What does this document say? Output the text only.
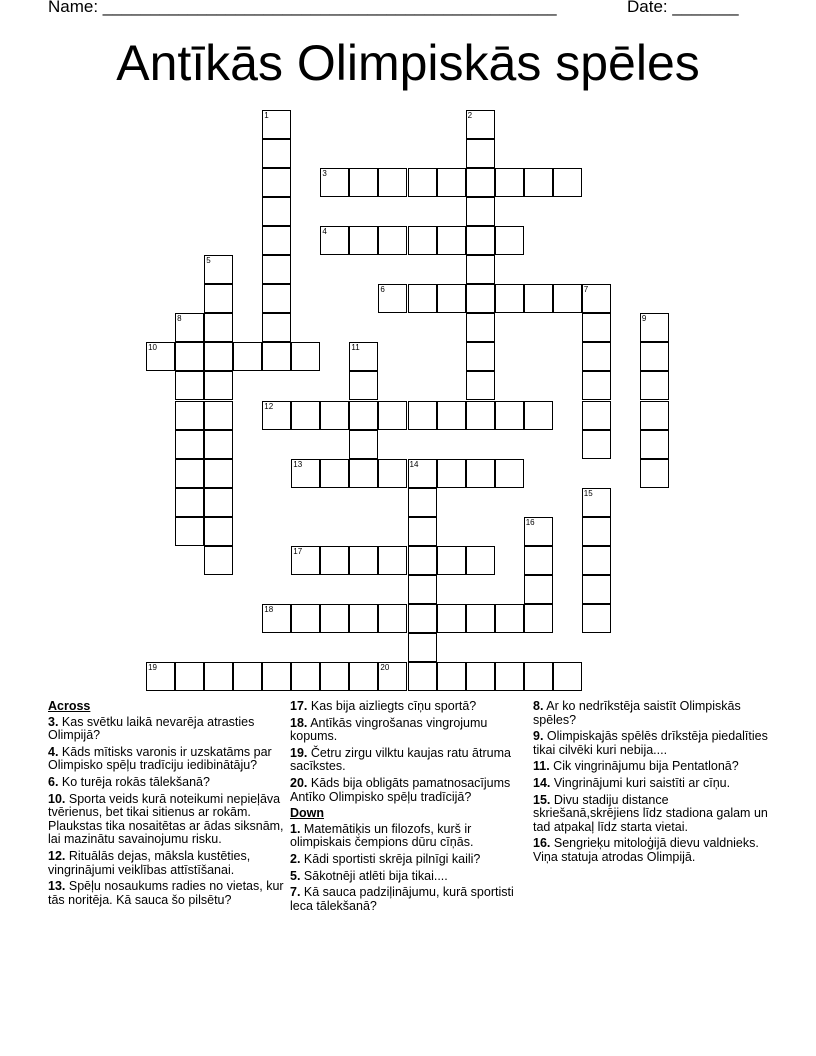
Name: ________________________________________________	Date: _______
Antīkās Olimpiskās spēles
1	2
3
4
5
6	7
8	9
10	11
12
13	14
15
16
17
18
19	20
Across
3. Kas svētku laikā nevarēja atrasties Olimpijā?
4. Kāds mītisks varonis ir uzskatāms par Olimpisko spēļu tradīciju iedibinātāju?
6. Ko turēja rokās tālekšanā?
10. Sporta veids kurā noteikumi nepieļāva tvērienus, bet tikai sitienus ar rokām. Plaukstas tika nosaitētas ar ādas siksnām, lai mazinātu savainojumu risku.
12. Rituālās dejas, māksla kustēties, vingrinājumi veiklības attīstīšanai.
13. Spēļu nosaukums radies no vietas, kur tās noritēja. Kā sauca šo pilsētu?
17. Kas bija aizliegts cīņu sportā?
18. Antīkās vingrošanas vingrojumu kopums.
19. Četru zirgu vilktu kaujas ratu ātruma sacīkstes.
20. Kāds bija obligāts pamatnosacījums Antīko Olimpisko spēļu tradīcijā?
Down
1. Matemātiķis un filozofs, kurš ir olimpiskais čempions dūru cīņās.
2. Kādi sportisti skrēja pilnīgi kaili?
5. Sākotnēji atlēti bija tikai....
7. Kā sauca padziļinājumu, kurā sportisti leca tālekšanā?
8. Ar ko nedrīkstēja saistīt Olimpiskās spēles?
9. Olimpiskajās spēlēs drīkstēja piedalīties tikai cilvēki kuri nebija....
11. Cik vingrinājumu bija Pentatlonā?
14. Vingrinājumi kuri saistīti ar cīņu.
15. Divu stadiju distance skriešanā,skrējiens līdz stadiona galam un tad atpakaļ līdz starta vietai.
16. Sengrieķu mitoloģijā dievu valdnieks. Viņa statuja atrodas Olimpijā.
